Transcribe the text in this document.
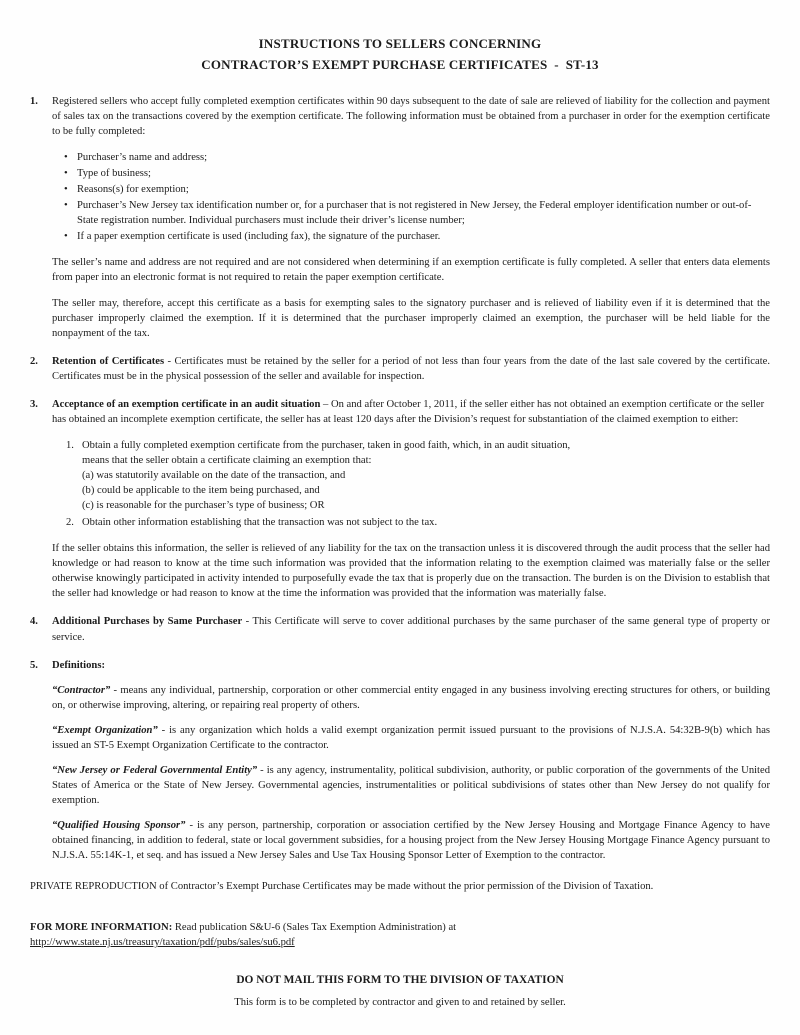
INSTRUCTIONS TO SELLERS CONCERNING
CONTRACTOR’S EXEMPT PURCHASE CERTIFICATES  -  ST-13
1.	Registered sellers who accept fully completed exemption certificates within 90 days subsequent to the date of sale are relieved of liability for the collection and payment of sales tax on the transactions covered by the exemption certificate. The following information must be obtained from a purchaser in order for the exemption certificate to be fully completed:

• Purchaser’s name and address;
• Type of business;
• Reasons(s) for exemption;
• Purchaser’s New Jersey tax identification number or, for a purchaser that is not registered in New Jersey, the Federal employer identification number or out-of-State registration number. Individual purchasers must include their driver’s license number;
• If a paper exemption certificate is used (including fax), the signature of the purchaser.

The seller’s name and address are not required and are not considered when determining if an exemption certificate is fully completed. A seller that enters data elements from paper into an electronic format is not required to retain the paper exemption certificate.

The seller may, therefore, accept this certificate as a basis for exempting sales to the signatory purchaser and is relieved of liability even if it is determined that the purchaser improperly claimed the exemption. If it is determined that the purchaser improperly claimed an exemption, the purchaser will be held liable for the nonpayment of the tax.

2.	Retention of Certificates - Certificates must be retained by the seller for a period of not less than four years from the date of the last sale covered by the certificate. Certificates must be in the physical possession of the seller and available for inspection.

3.	Acceptance of an exemption certificate in an audit situation – On and after October 1, 2011, if the seller either has not obtained an exemption certificate or the seller has obtained an incomplete exemption certificate, the seller has at least 120 days after the Division’s request for substantiation of the claimed exemption to either:

1. Obtain a fully completed exemption certificate from the purchaser, taken in good faith, which, in an audit situation,
means that the seller obtain a certificate claiming an exemption that:
(a) was statutorily available on the date of the transaction, and
(b) could be applicable to the item being purchased, and
(c) is reasonable for the purchaser’s type of business; OR
2. Obtain other information establishing that the transaction was not subject to the tax.

If the seller obtains this information, the seller is relieved of any liability for the tax on the transaction unless it is discovered through the audit process that the seller had knowledge or had reason to know at the time such information was provided that the information relating to the exemption claimed was materially false or the seller otherwise knowingly participated in activity intended to purposefully evade the tax that is properly due on the transaction. The burden is on the Division to establish that the seller had knowledge or had reason to know at the time the information was provided that the information was materially false.

4.	Additional Purchases by Same Purchaser - This Certificate will serve to cover additional purchases by the same purchaser of the same general type of property or service.

5.	Definitions:

“Contractor” - means any individual, partnership, corporation or other commercial entity engaged in any business involving erecting structures for others, or building on, or otherwise improving, altering, or repairing real property of others.

“Exempt Organization” - is any organization which holds a valid exempt organization permit issued pursuant to the provisions of N.J.S.A. 54:32B-9(b) which has issued an ST-5 Exempt Organization Certificate to the contractor.

“New Jersey or Federal Governmental Entity” - is any agency, instrumentality, political subdivision, authority, or public corporation of the governments of the United States of America or the State of New Jersey. Governmental agencies, instrumentalities or political subdivisions of states other than New Jersey do not qualify for exemption.

“Qualified Housing Sponsor” - is any person, partnership, corporation or association certified by the New Jersey Housing and Mortgage Finance Agency to have obtained financing, in addition to federal, state or local government subsidies, for a housing project from the New Jersey Housing Mortgage Finance Agency pursuant to N.J.S.A. 55:14K-1, et seq. and has issued a New Jersey Sales and Use Tax Housing Sponsor Letter of Exemption to the contractor.

PRIVATE REPRODUCTION of Contractor’s Exempt Purchase Certificates may be made without the prior permission of the Division of Taxation.

FOR MORE INFORMATION: Read publication S&U-6 (Sales Tax Exemption Administration) at
http://www.state.nj.us/treasury/taxation/pdf/pubs/sales/su6.pdf

DO NOT MAIL THIS FORM TO THE DIVISION OF TAXATION

This form is to be completed by contractor and given to and retained by seller.
